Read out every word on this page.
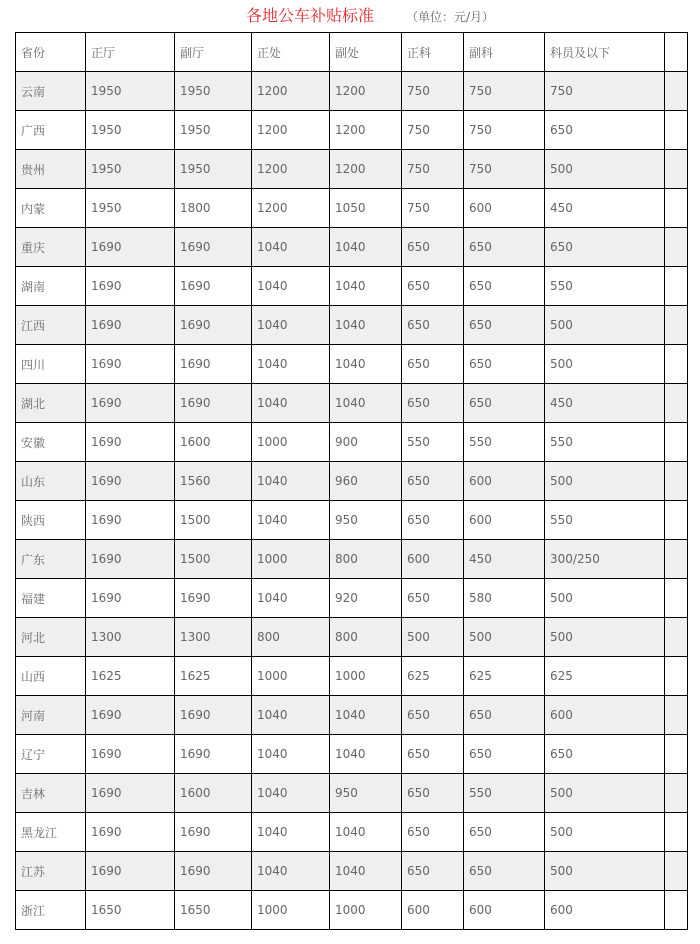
各地公车补贴标准	（单位：元/月）
省份	正厅	副厅	正处	副处	正科	副科	科员及以下	
云南	1950	1950	1200	1200	750	750	750	
广西	1950	1950	1200	1200	750	750	650	
贵州	1950	1950	1200	1200	750	750	500	
内蒙	1950	1800	1200	1050	750	600	450	
重庆	1690	1690	1040	1040	650	650	650	
湖南	1690	1690	1040	1040	650	650	550	
江西	1690	1690	1040	1040	650	650	500	
四川	1690	1690	1040	1040	650	650	500	
湖北	1690	1690	1040	1040	650	650	450	
安徽	1690	1600	1000	900	550	550	550	
山东	1690	1560	1040	960	650	600	500	
陕西	1690	1500	1040	950	650	600	550	
广东	1690	1500	1000	800	600	450	300/250	
福建	1690	1690	1040	920	650	580	500	
河北	1300	1300	800	800	500	500	500	
山西	1625	1625	1000	1000	625	625	625	
河南	1690	1690	1040	1040	650	650	600	
辽宁	1690	1690	1040	1040	650	650	650	
吉林	1690	1600	1040	950	650	550	500	
黑龙江	1690	1690	1040	1040	650	650	500	
江苏	1690	1690	1040	1040	650	650	500	
浙江	1650	1650	1000	1000	600	600	600	
